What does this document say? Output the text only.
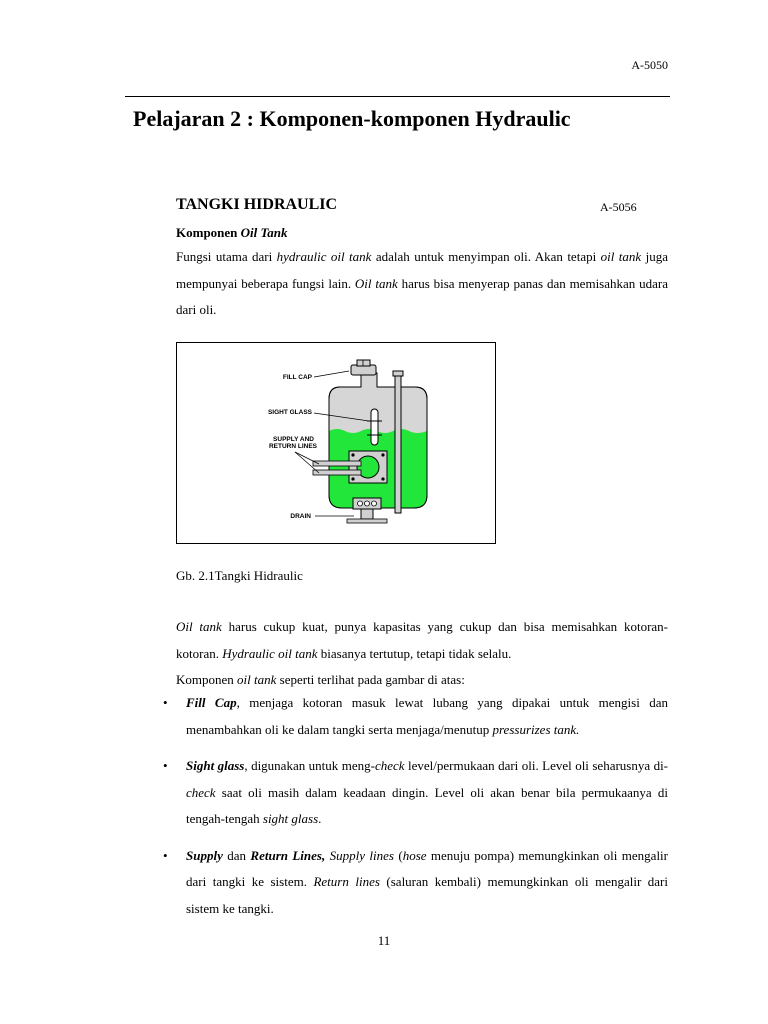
A-5050
Pelajaran 2 : Komponen-komponen Hydraulic
TANGKI HIDRAULIC	A-5056
Komponen Oil Tank
Fungsi utama dari hydraulic oil tank adalah untuk menyimpan oli. Akan tetapi oil tank juga mempunyai beberapa fungsi lain. Oil tank harus bisa menyerap panas dan memisahkan udara dari oli.
FILL CAP
SIGHT GLASS
SUPPLY AND
RETURN LINES
DRAIN
Gb. 2.1Tangki Hidraulic
Oil tank harus cukup kuat, punya kapasitas yang cukup dan bisa memisahkan kotoran-kotoran. Hydraulic oil tank biasanya tertutup, tetapi tidak selalu.
Komponen oil tank seperti terlihat pada gambar di atas:
• Fill Cap, menjaga kotoran masuk lewat lubang yang dipakai untuk mengisi dan menambahkan oli ke dalam tangki serta menjaga/menutup pressurizes tank.
• Sight glass, digunakan untuk meng-check level/permukaan dari oli. Level oli seharusnya di-check saat oli masih dalam keadaan dingin. Level oli akan benar bila permukaanya di tengah-tengah sight glass.
• Supply dan Return Lines, Supply lines (hose menuju pompa) memungkinkan oli mengalir dari tangki ke sistem. Return lines (saluran kembali) memungkinkan oli mengalir dari sistem ke tangki.
11
